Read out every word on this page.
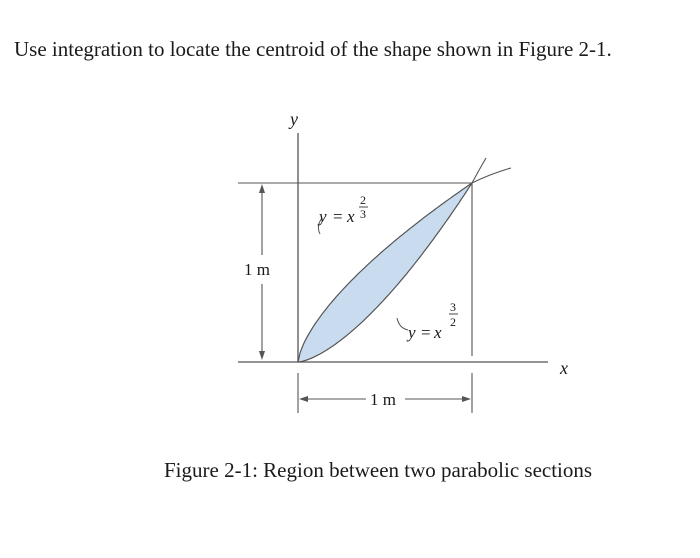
Use integration to locate the centroid of the shape shown in Figure 2-1.
1 m
1 m
y
x
y = x
2
3
y = x
3
2
Figure 2-1: Region between two parabolic sections
